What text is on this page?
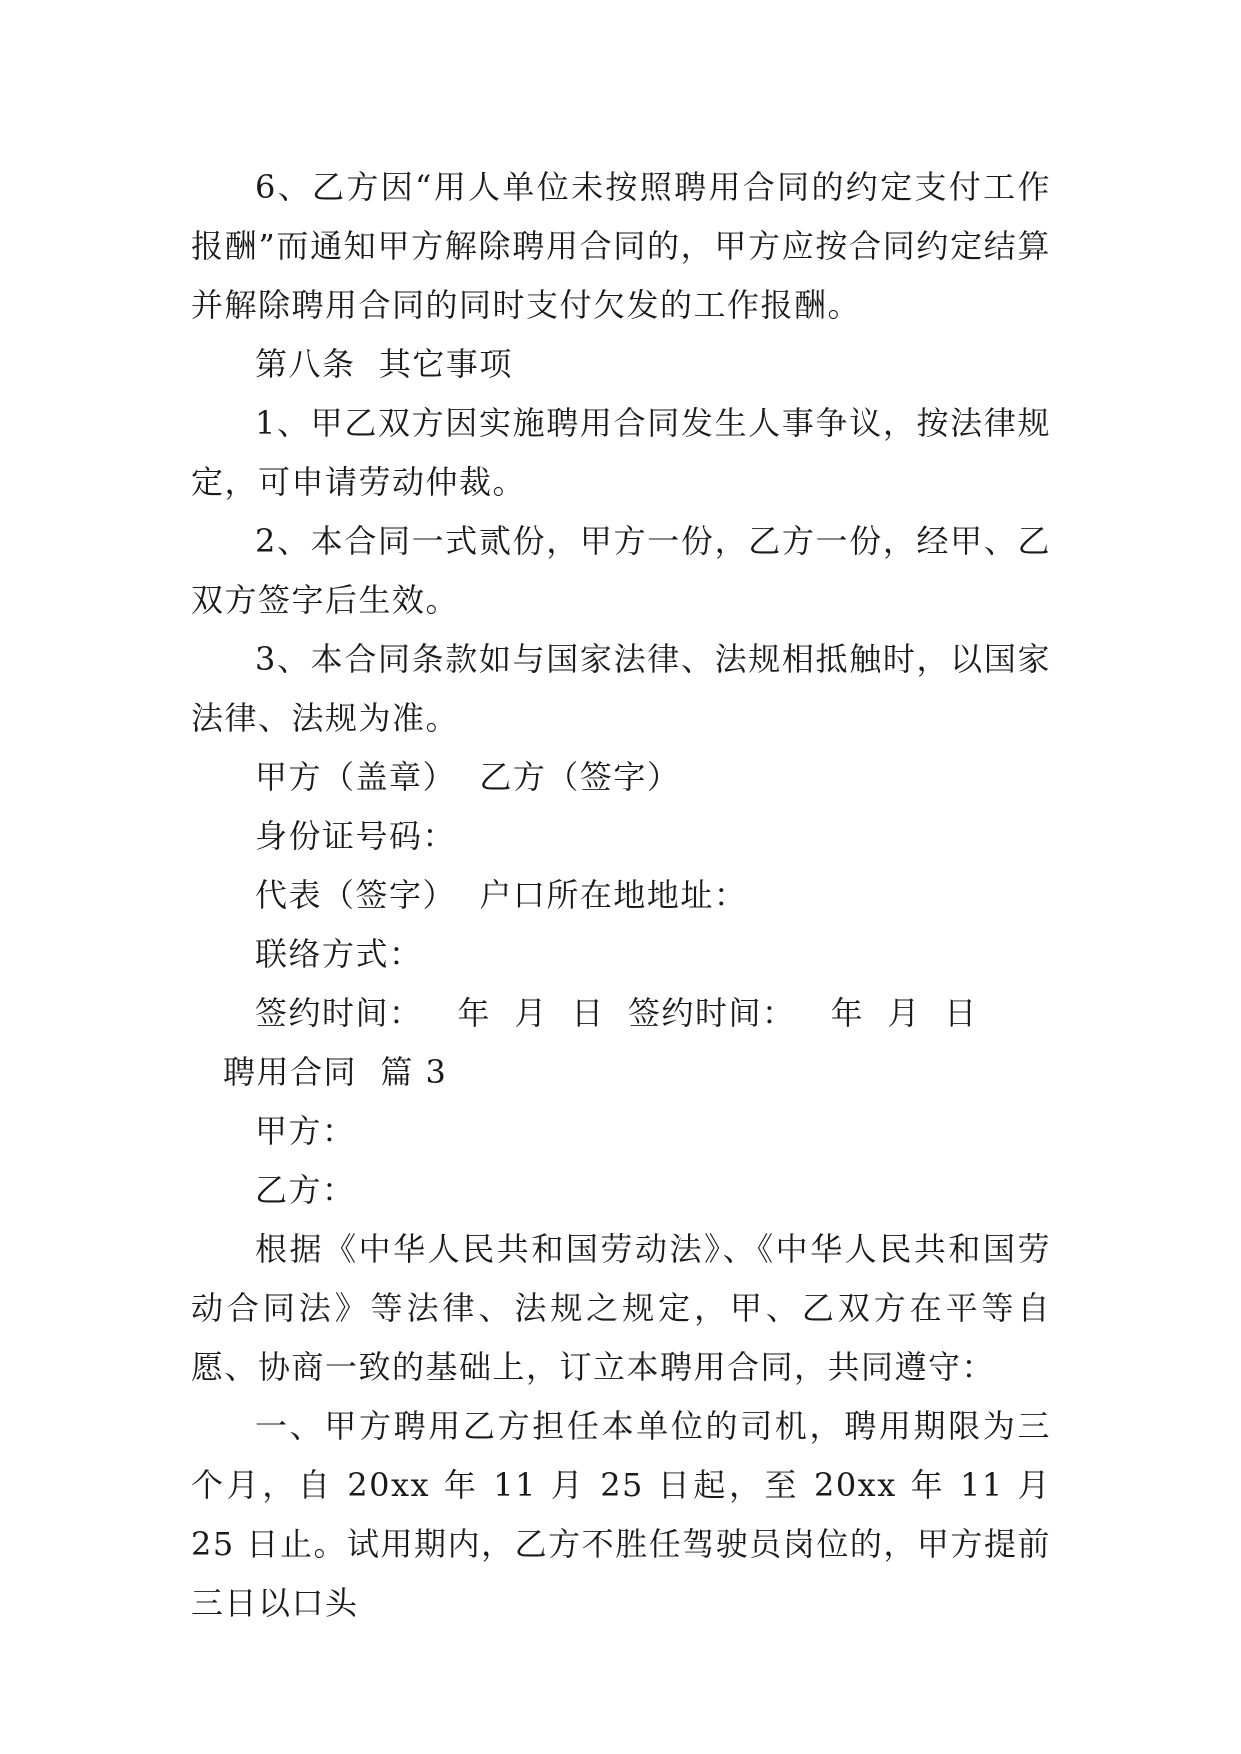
6、乙方因“用人单位未按照聘用合同的约定支付工作报酬”而通知甲方解除聘用合同的，甲方应按合同约定结算并解除聘用合同的同时支付欠发的工作报酬。

第八条  其它事项

1、甲乙双方因实施聘用合同发生人事争议，按法律规定，可申请劳动仲裁。

2、本合同一式贰份，甲方一份，乙方一份，经甲、乙双方签字后生效。

3、本合同条款如与国家法律、法规相抵触时，以国家法律、法规为准。

甲方（盖章）  乙方（签字）

身份证号码：

代表（签字）  户口所在地地址：

联络方式：

签约时间：   年  月  日  签约时间：   年  月  日

聘用合同  篇 3

甲方：

乙方：

根据《中华人民共和国劳动法》、《中华人民共和国劳动合同法》等法律、法规之规定，甲、乙双方在平等自愿、协商一致的基础上，订立本聘用合同，共同遵守：

一、甲方聘用乙方担任本单位的司机，聘用期限为三个月，自 20xx 年 11 月 25 日起，至 20xx 年 11 月 25 日止。试用期内，乙方不胜任驾驶员岗位的，甲方提前三日以口头
